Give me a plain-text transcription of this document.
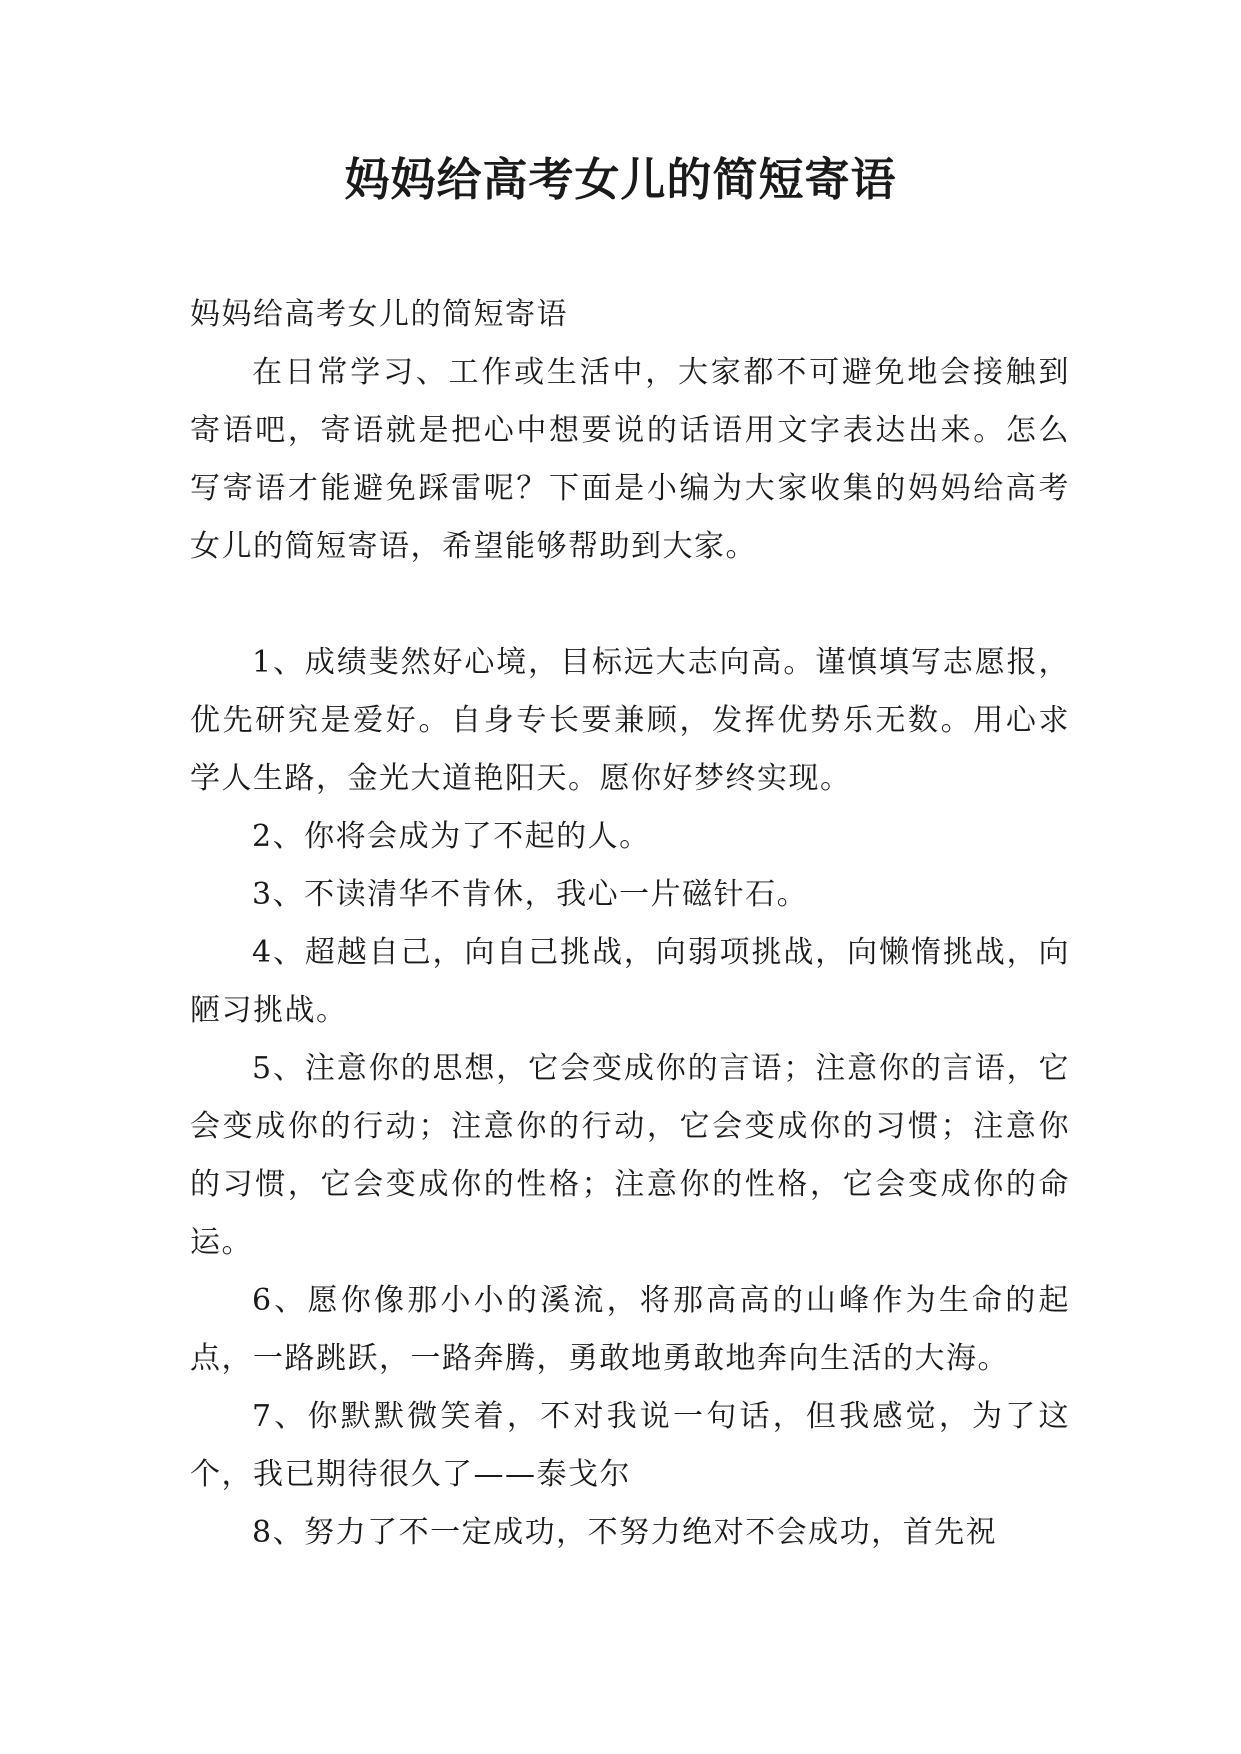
妈妈给高考女儿的简短寄语

妈妈给高考女儿的简短寄语

在日常学习、工作或生活中，大家都不可避免地会接触到寄语吧，寄语就是把心中想要说的话语用文字表达出来。怎么写寄语才能避免踩雷呢？下面是小编为大家收集的妈妈给高考女儿的简短寄语，希望能够帮助到大家。

1、成绩斐然好心境，目标远大志向高。谨慎填写志愿报，优先研究是爱好。自身专长要兼顾，发挥优势乐无数。用心求学人生路，金光大道艳阳天。愿你好梦终实现。

2、你将会成为了不起的人。

3、不读清华不肯休，我心一片磁针石。

4、超越自己，向自己挑战，向弱项挑战，向懒惰挑战，向陋习挑战。

5、注意你的思想，它会变成你的言语；注意你的言语，它会变成你的行动；注意你的行动，它会变成你的习惯；注意你的习惯，它会变成你的性格；注意你的性格，它会变成你的命运。

6、愿你像那小小的溪流，将那高高的山峰作为生命的起点，一路跳跃，一路奔腾，勇敢地勇敢地奔向生活的大海。

7、你默默微笑着，不对我说一句话，但我感觉，为了这个，我已期待很久了——泰戈尔

8、努力了不一定成功，不努力绝对不会成功，首先祝
